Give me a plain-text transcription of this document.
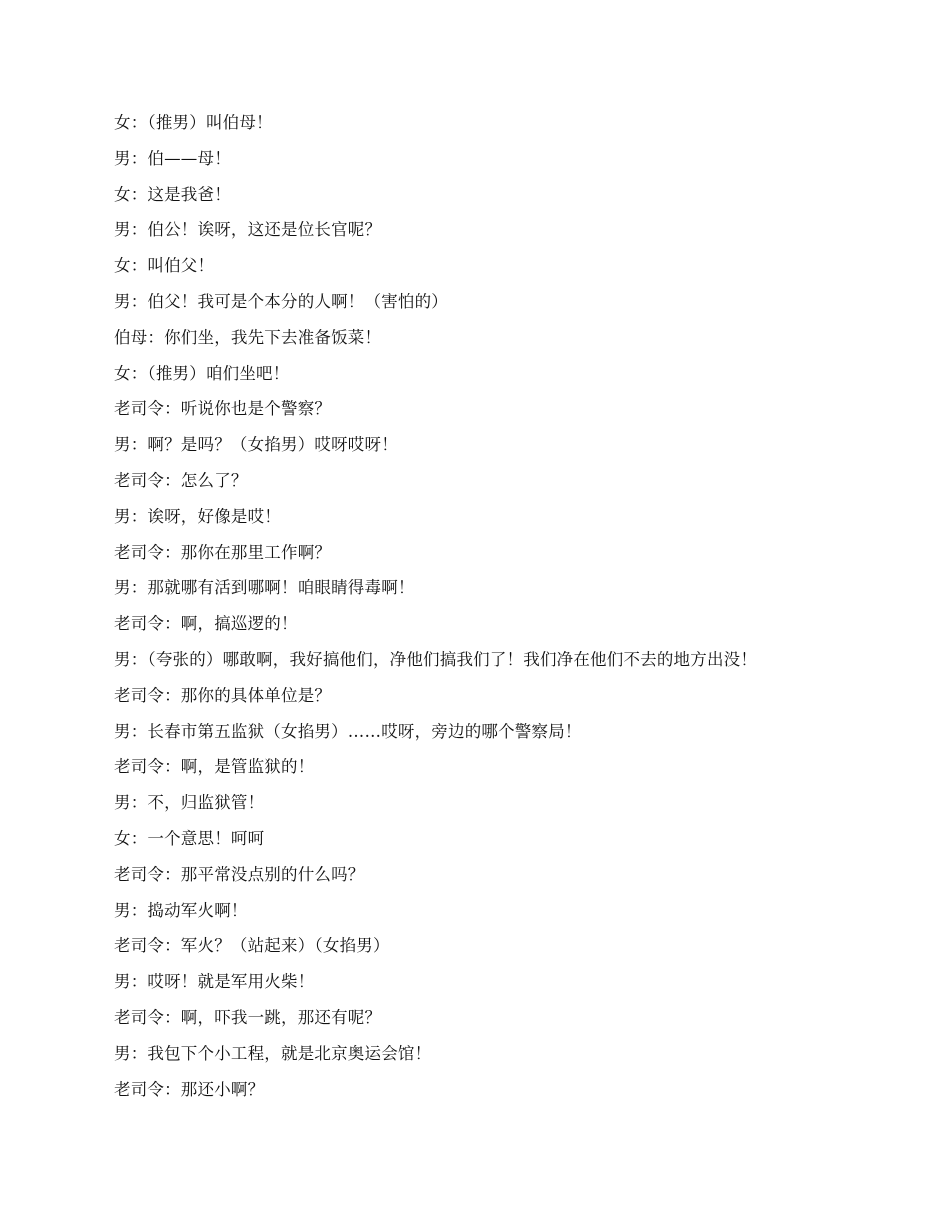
女：（推男）叫伯母！
男：伯——母！
女：这是我爸！
男：伯公！诶呀，这还是位长官呢？
女：叫伯父！
男：伯父！我可是个本分的人啊！（害怕的）
伯母：你们坐，我先下去准备饭菜！
女：（推男）咱们坐吧！
老司令：听说你也是个警察？
男：啊？是吗？（女掐男）哎呀哎呀！
老司令：怎么了？
男：诶呀，好像是哎！
老司令：那你在那里工作啊？
男：那就哪有活到哪啊！咱眼睛得毒啊！
老司令：啊，搞巡逻的！
男：（夸张的）哪敢啊，我好搞他们，净他们搞我们了！我们净在他们不去的地方出没！
老司令：那你的具体单位是？
男：长春市第五监狱（女掐男）……哎呀，旁边的哪个警察局！
老司令：啊，是管监狱的！
男：不，归监狱管！
女：一个意思！呵呵
老司令：那平常没点别的什么吗？
男：捣动军火啊！
老司令：军火？（站起来）（女掐男）
男：哎呀！就是军用火柴！
老司令：啊，吓我一跳，那还有呢？
男：我包下个小工程，就是北京奥运会馆！
老司令：那还小啊？
